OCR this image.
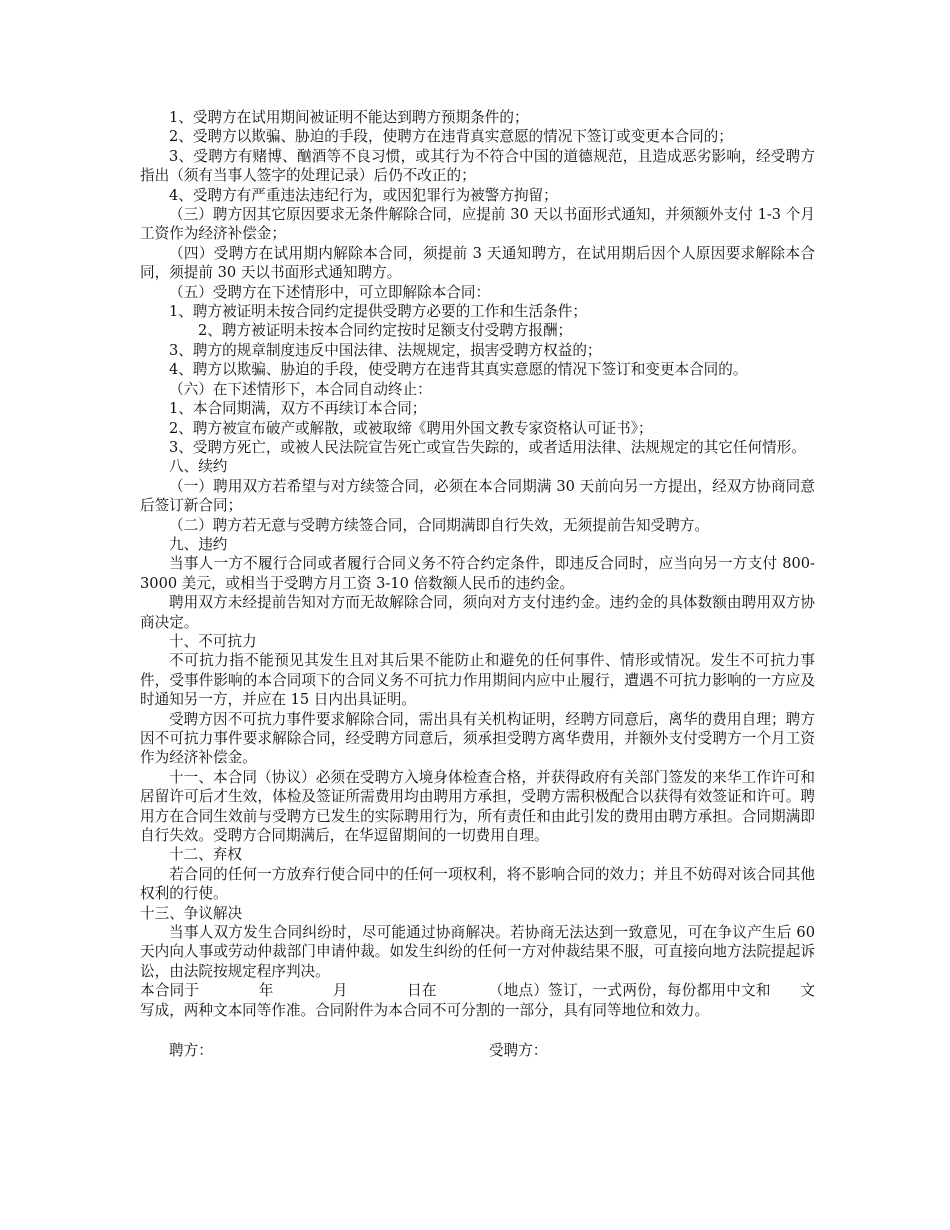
1、受聘方在试用期间被证明不能达到聘方预期条件的；

2、受聘方以欺骗、胁迫的手段，使聘方在违背真实意愿的情况下签订或变更本合同的；

3、受聘方有赌博、酗酒等不良习惯，或其行为不符合中国的道德规范，且造成恶劣影响，经受聘方指出（须有当事人签字的处理记录）后仍不改正的；

4、受聘方有严重违法违纪行为，或因犯罪行为被警方拘留；

（三）聘方因其它原因要求无条件解除合同，应提前 30 天以书面形式通知，并须额外支付 1-3 个月工资作为经济补偿金；

（四）受聘方在试用期内解除本合同，须提前 3 天通知聘方，在试用期后因个人原因要求解除本合同，须提前 30 天以书面形式通知聘方。

（五）受聘方在下述情形中，可立即解除本合同：

1、聘方被证明未按合同约定提供受聘方必要的工作和生活条件；

2、聘方被证明未按本合同约定按时足额支付受聘方报酬；

3、聘方的规章制度违反中国法律、法规规定，损害受聘方权益的；

4、聘方以欺骗、胁迫的手段，使受聘方在违背其真实意愿的情况下签订和变更本合同的。

（六）在下述情形下，本合同自动终止：

1、本合同期满，双方不再续订本合同；

2、聘方被宣布破产或解散，或被取缔《聘用外国文教专家资格认可证书》；

3、受聘方死亡，或被人民法院宣告死亡或宣告失踪的，或者适用法律、法规规定的其它任何情形。

八、续约

（一）聘用双方若希望与对方续签合同，必须在本合同期满 30 天前向另一方提出，经双方协商同意后签订新合同；

（二）聘方若无意与受聘方续签合同，合同期满即自行失效，无须提前告知受聘方。

九、违约

当事人一方不履行合同或者履行合同义务不符合约定条件，即违反合同时，应当向另一方支付 800-3000 美元，或相当于受聘方月工资 3-10 倍数额人民币的违约金。

聘用双方未经提前告知对方而无故解除合同，须向对方支付违约金。违约金的具体数额由聘用双方协商决定。

十、不可抗力

不可抗力指不能预见其发生且对其后果不能防止和避免的任何事件、情形或情况。发生不可抗力事件，受事件影响的本合同项下的合同义务不可抗力作用期间内应中止履行，遭遇不可抗力影响的一方应及时通知另一方，并应在 15 日内出具证明。

受聘方因不可抗力事件要求解除合同，需出具有关机构证明，经聘方同意后，离华的费用自理；聘方因不可抗力事件要求解除合同，经受聘方同意后，须承担受聘方离华费用，并额外支付受聘方一个月工资作为经济补偿金。

十一、本合同（协议）必须在受聘方入境身体检查合格，并获得政府有关部门签发的来华工作许可和居留许可后才生效，体检及签证所需费用均由聘用方承担，受聘方需积极配合以获得有效签证和许可。聘用方在合同生效前与受聘方已发生的实际聘用行为，所有责任和由此引发的费用由聘方承担。合同期满即自行失效。受聘方合同期满后，在华逗留期间的一切费用自理。

十二、弃权

若合同的任何一方放弃行使合同中的任何一项权利，将不影响合同的效力；并且不妨碍对该合同其他权利的行使。

十三、争议解决

当事人双方发生合同纠纷时，尽可能通过协商解决。若协商无法达到一致意见，可在争议产生后 60 天内向人事或劳动仲裁部门申请仲裁。如发生纠纷的任何一方对仲裁结果不服，可直接向地方法院提起诉讼，由法院按规定程序判决。

本合同于　　　　年　　　　月　　　　日在　　　　（地点）签订，一式两份，每份都用中文和　　文写成，两种文本同等作准。合同附件为本合同不可分割的一部分，具有同等地位和效力。

聘方：	受聘方：
